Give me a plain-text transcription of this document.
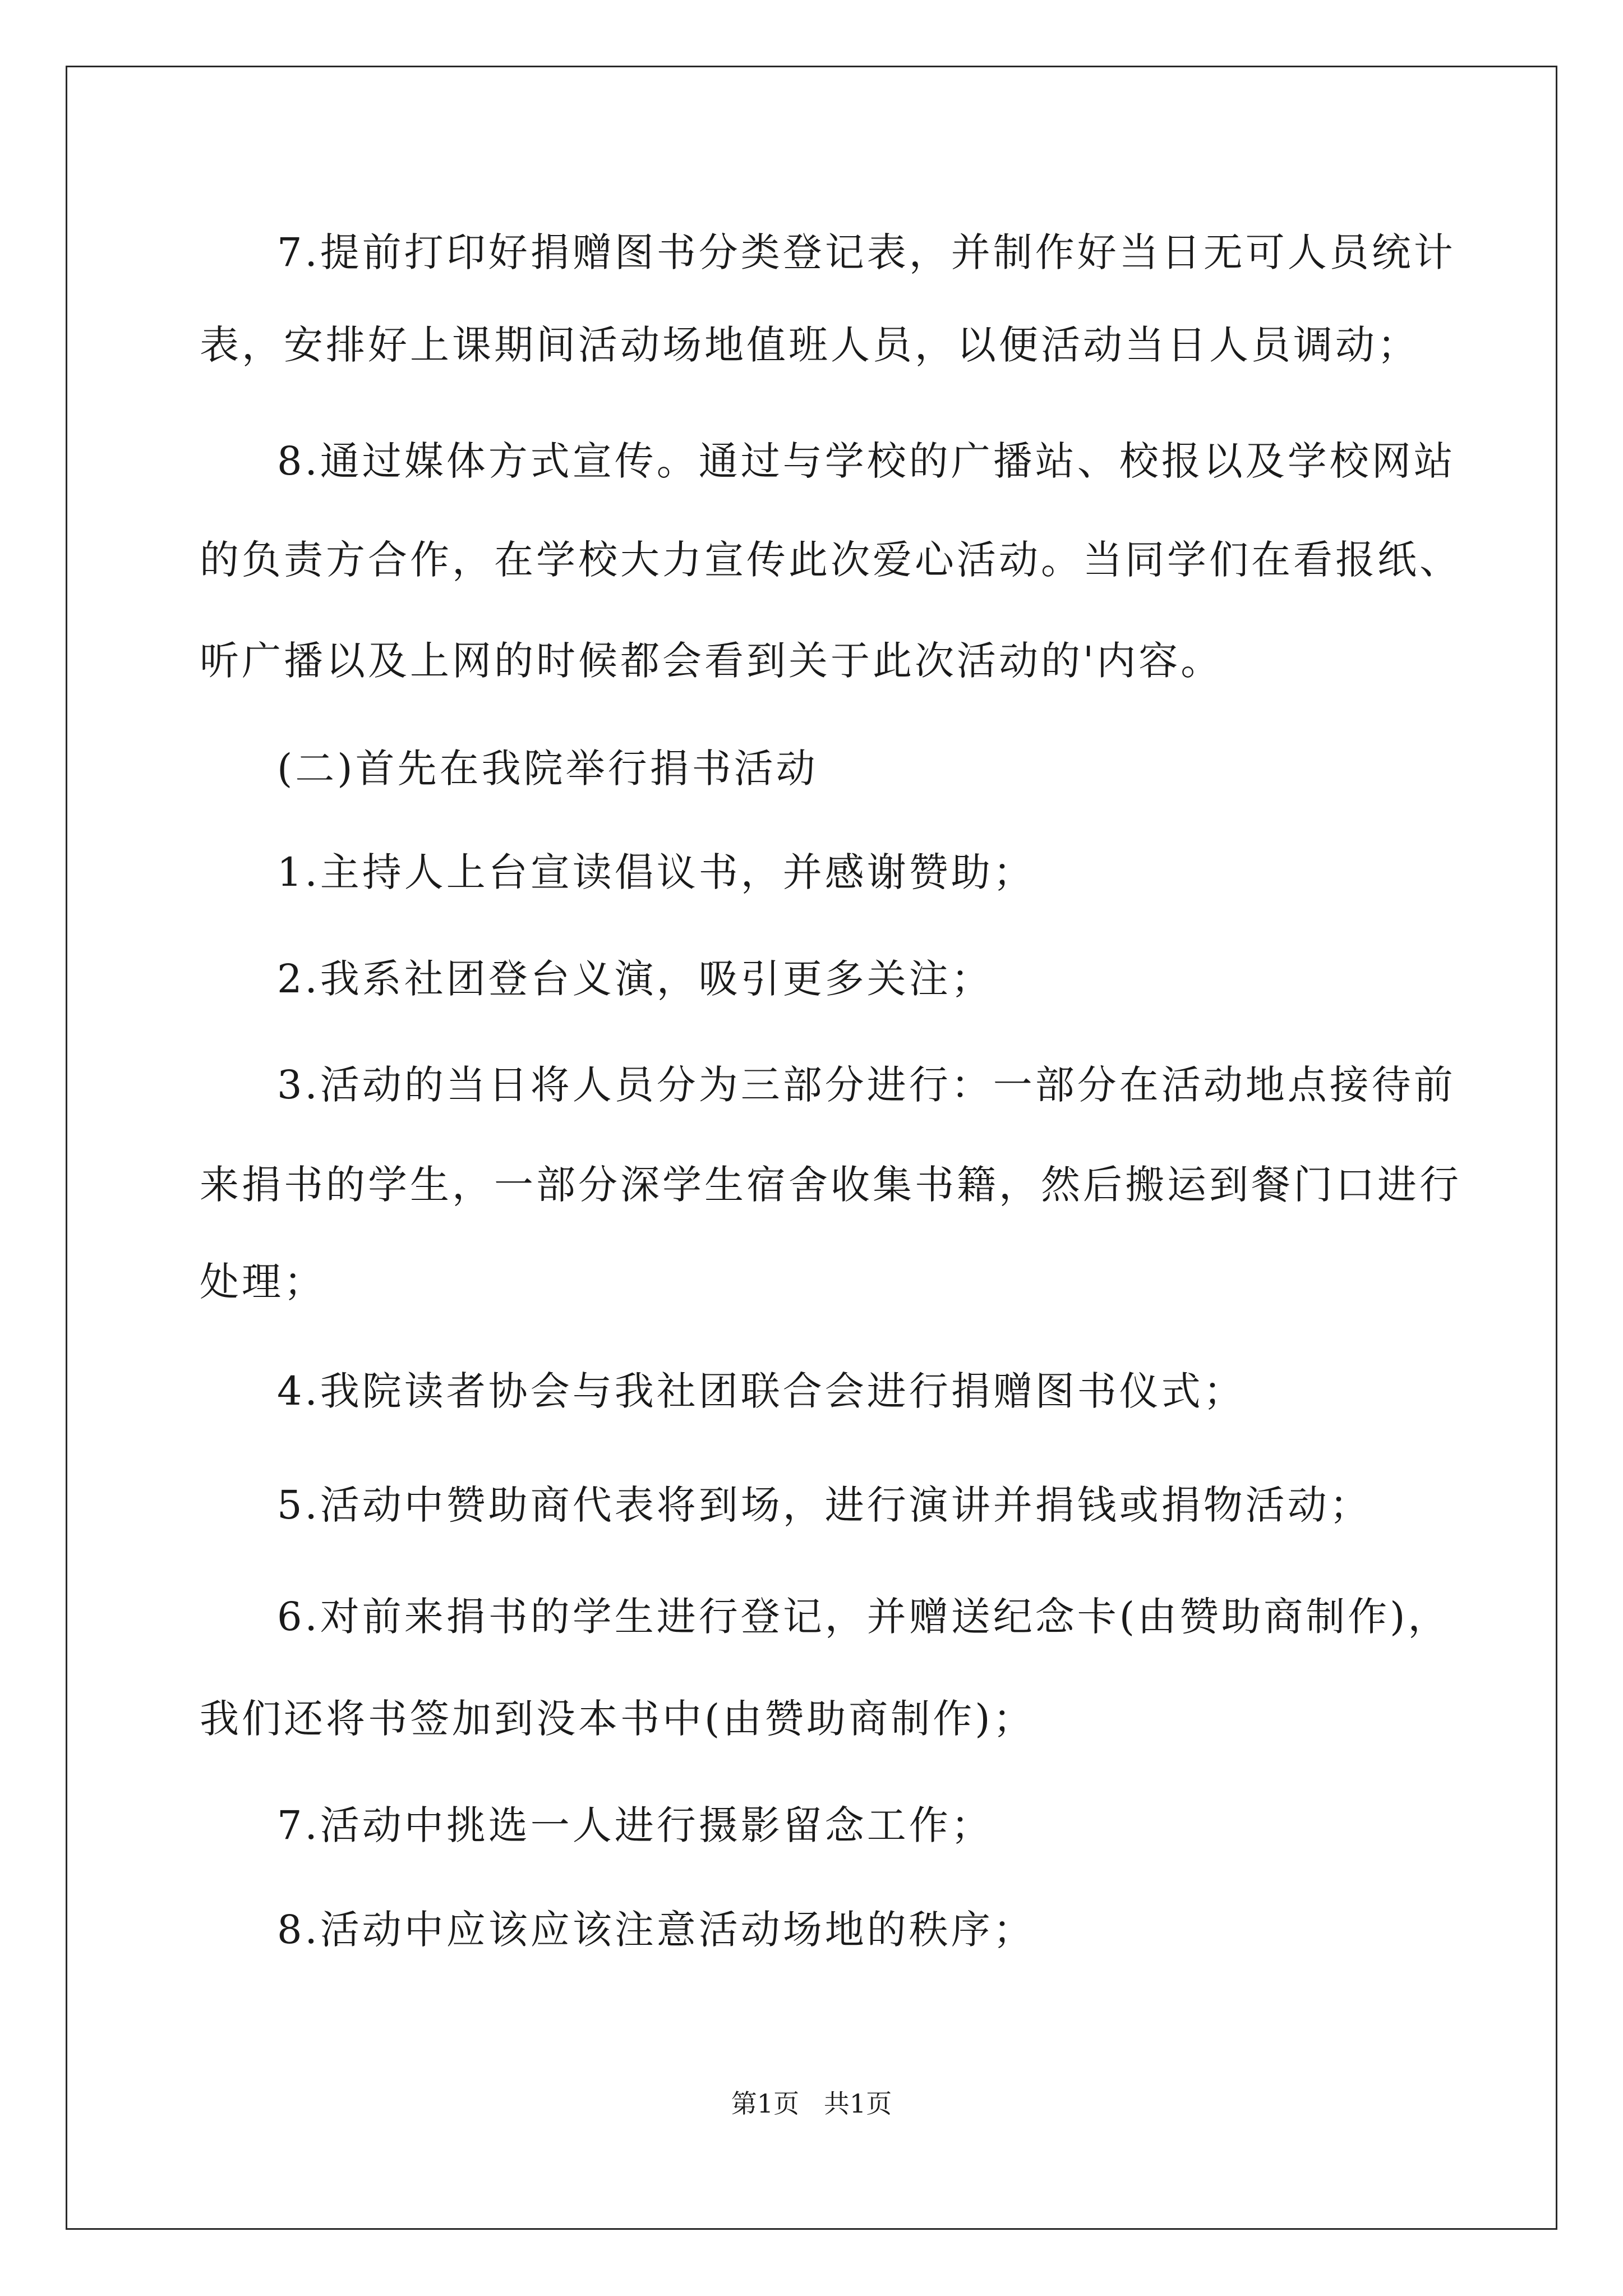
7.提前打印好捐赠图书分类登记表，并制作好当日无可人员统计

表，安排好上课期间活动场地值班人员，以便活动当日人员调动；

8.通过媒体方式宣传。通过与学校的广播站、校报以及学校网站

的负责方合作，在学校大力宣传此次爱心活动。当同学们在看报纸、

听广播以及上网的时候都会看到关于此次活动的'内容。

(二)首先在我院举行捐书活动

1.主持人上台宣读倡议书，并感谢赞助；

2.我系社团登台义演，吸引更多关注；

3.活动的当日将人员分为三部分进行：一部分在活动地点接待前

来捐书的学生，一部分深学生宿舍收集书籍，然后搬运到餐门口进行

处理；

4.我院读者协会与我社团联合会进行捐赠图书仪式；

5.活动中赞助商代表将到场，进行演讲并捐钱或捐物活动；

6.对前来捐书的学生进行登记，并赠送纪念卡(由赞助商制作)，

我们还将书签加到没本书中(由赞助商制作)；

7.活动中挑选一人进行摄影留念工作；

8.活动中应该应该注意活动场地的秩序；

第1页   共1页
